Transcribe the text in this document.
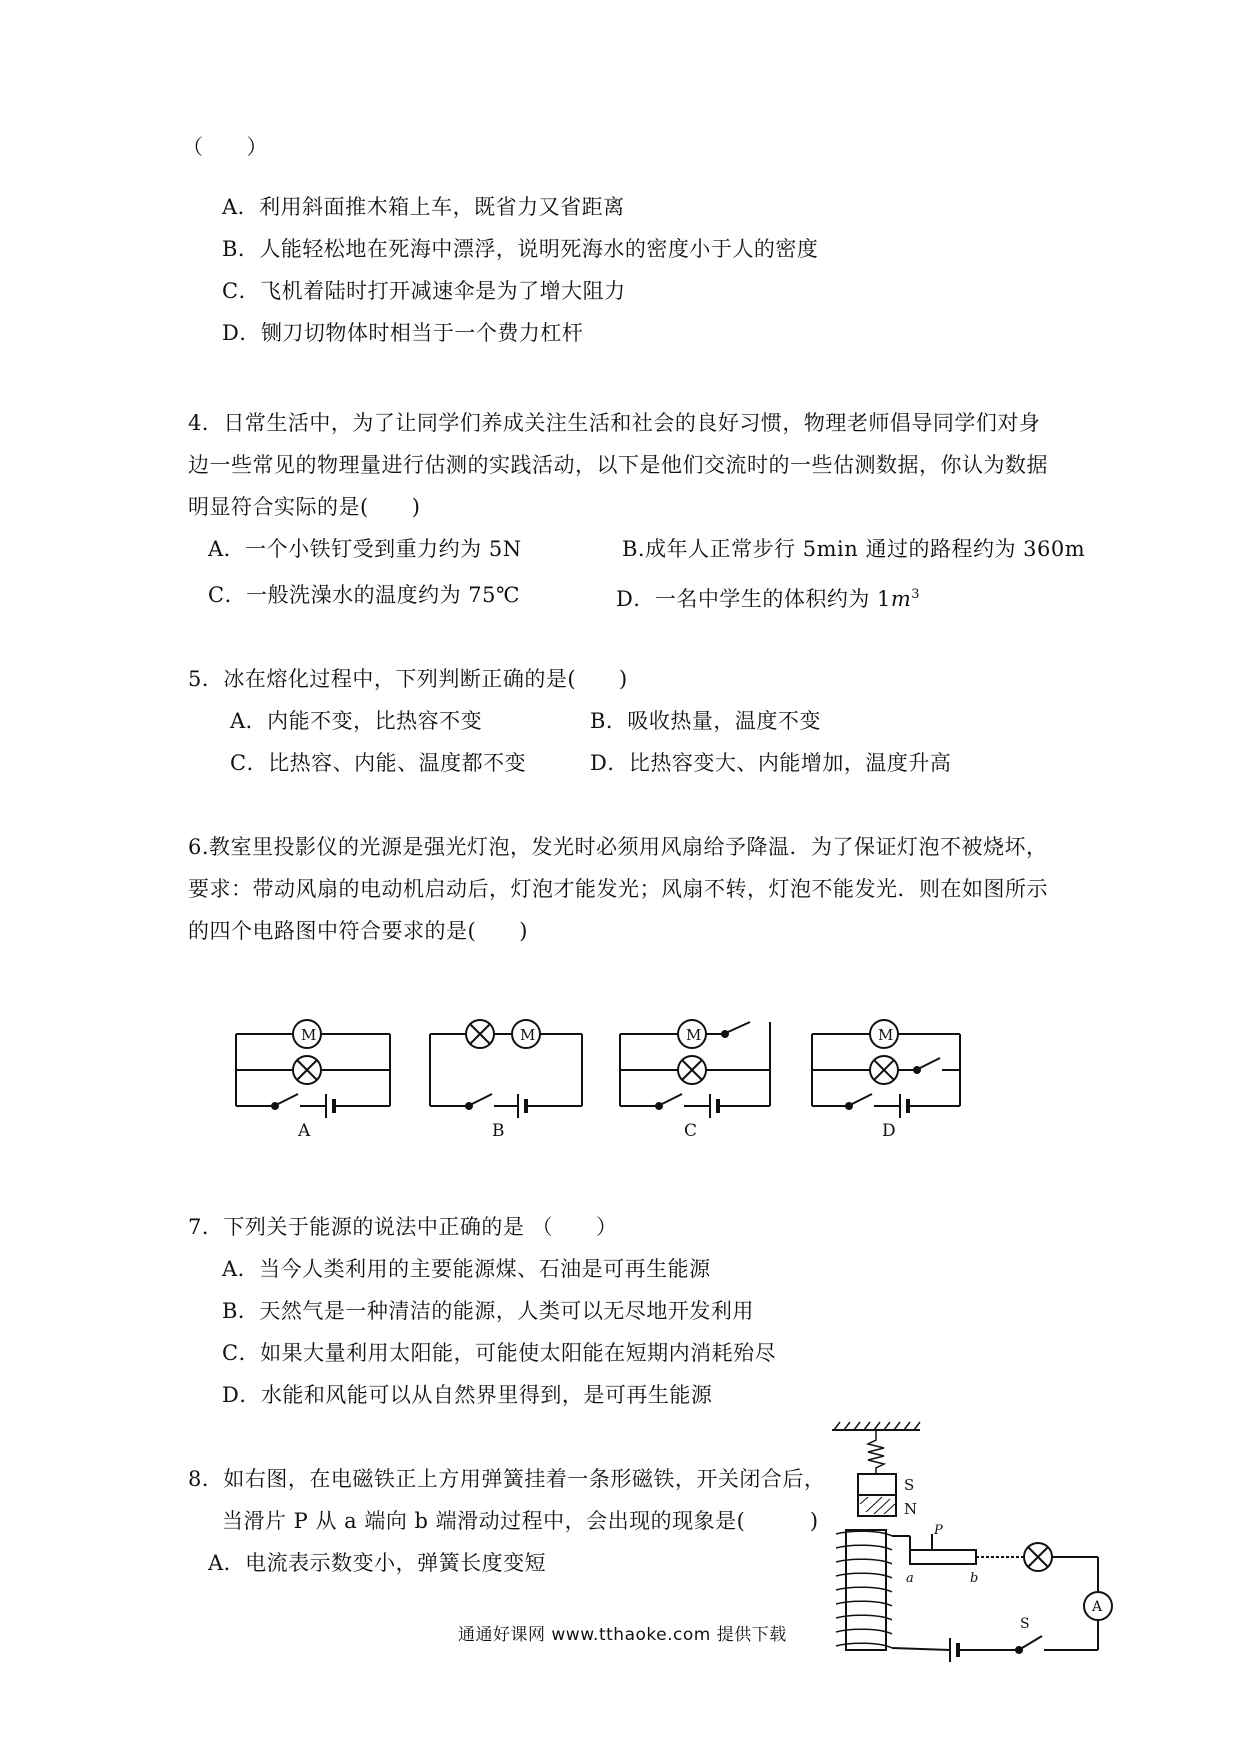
（　　）
A．利用斜面推木箱上车，既省力又省距离
B．人能轻松地在死海中漂浮，说明死海水的密度小于人的密度
C．飞机着陆时打开减速伞是为了增大阻力
D．铡刀切物体时相当于一个费力杠杆
4．日常生活中，为了让同学们养成关注生活和社会的良好习惯，物理老师倡导同学们对身
边一些常见的物理量进行估测的实践活动，以下是他们交流时的一些估测数据，你认为数据
明显符合实际的是(　　)
A．一个小铁钉受到重力约为 5N	B.成年人正常步行 5min 通过的路程约为 360m
C．一般洗澡水的温度约为 75℃	D．一名中学生的体积约为 $1m^3$
5．冰在熔化过程中，下列判断正确的是(　　)
A．内能不变，比热容不变	B．吸收热量，温度不变
C．比热容、内能、温度都不变	D．比热容变大、内能增加，温度升高
6.教室里投影仪的光源是强光灯泡，发光时必须用风扇给予降温．为了保证灯泡不被烧坏，
要求：带动风扇的电动机启动后，灯泡才能发光；风扇不转，灯泡不能发光．则在如图所示
的四个电路图中符合要求的是(　　)
M
A
M
B
M
C
M
D
7．下列关于能源的说法中正确的是 （　　）
A．当今人类利用的主要能源煤、石油是可再生能源
B．天然气是一种清洁的能源，人类可以无尽地开发利用
C．如果大量利用太阳能，可能使太阳能在短期内消耗殆尽
D．水能和风能可以从自然界里得到，是可再生能源
8．如右图，在电磁铁正上方用弹簧挂着一条形磁铁，开关闭合后，
当滑片 P 从 a 端向 b 端滑动过程中，会出现的现象是(　　　)
A．电流表示数变小，弹簧长度变短
S
N
P
a	b
A
S
通通好课网 www.tthaoke.com 提供下载
